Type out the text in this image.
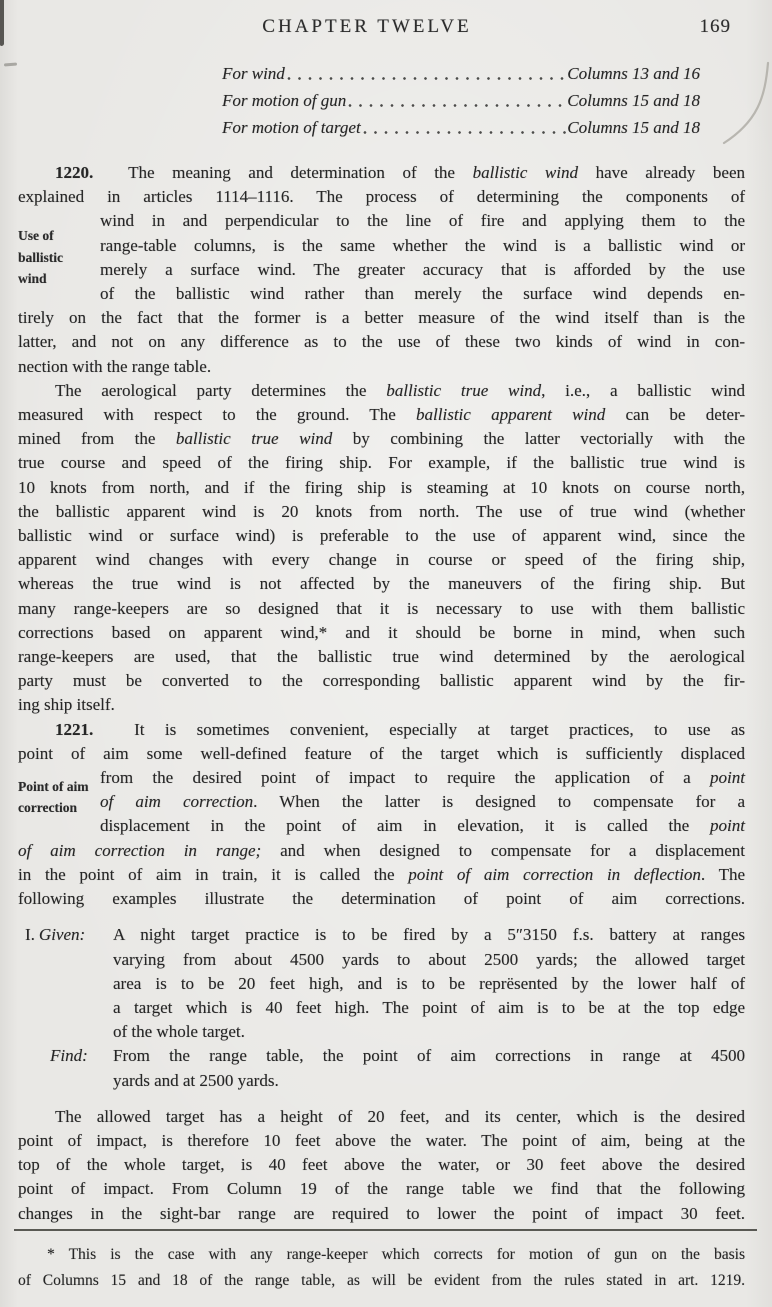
CHAPTER TWELVE	169
For wind	Columns 13 and 16
For motion of gun	Columns 15 and 18
For motion of target	Columns 15 and 18
Use of
ballistic
wind
1220.  The meaning and determination of the ballistic wind have already been
explained in articles 1114–1116. The process of determining the components of
wind in and perpendicular to the line of fire and applying them to the
range-table columns, is the same whether the wind is a ballistic wind or
merely a surface wind. The greater accuracy that is afforded by the use
of the ballistic wind rather than merely the surface wind depends en-
tirely on the fact that the former is a better measure of the wind itself than is the
latter, and not on any difference as to the use of these two kinds of wind in con-
nection with the range table.
The aerological party determines the ballistic true wind, i.e., a ballistic wind
measured with respect to the ground. The ballistic apparent wind can be deter-
mined from the ballistic true wind by combining the latter vectorially with the
true course and speed of the firing ship. For example, if the ballistic true wind is
10 knots from north, and if the firing ship is steaming at 10 knots on course north,
the ballistic apparent wind is 20 knots from north. The use of true wind (whether
ballistic wind or surface wind) is preferable to the use of apparent wind, since the
apparent wind changes with every change in course or speed of the firing ship,
whereas the true wind is not affected by the maneuvers of the firing ship. But
many range-keepers are so designed that it is necessary to use with them ballistic
corrections based on apparent wind,* and it should be borne in mind, when such
range-keepers are used, that the ballistic true wind determined by the aerological
party must be converted to the corresponding ballistic apparent wind by the fir-
ing ship itself.
Point of aim
correction
1221.  It is sometimes convenient, especially at target practices, to use as
point of aim some well-defined feature of the target which is sufficiently displaced
from the desired point of impact to require the application of a point
of aim correction. When the latter is designed to compensate for a
displacement in the point of aim in elevation, it is called the point
of aim correction in range; and when designed to compensate for a displacement
in the point of aim in train, it is called the point of aim correction in deflection. The
following examples illustrate the determination of point of aim corrections.
I. Given:	A night target practice is to be fired by a 5″3150 f.s. battery at ranges
varying from about 4500 yards to about 2500 yards; the allowed target
area is to be 20 feet high, and is to be reprësented by the lower half of
a target which is 40 feet high. The point of aim is to be at the top edge
of the whole target.
Find:	From the range table, the point of aim corrections in range at 4500
yards and at 2500 yards.
The allowed target has a height of 20 feet, and its center, which is the desired
point of impact, is therefore 10 feet above the water. The point of aim, being at the
top of the whole target, is 40 feet above the water, or 30 feet above the desired
point of impact. From Column 19 of the range table we find that the following
changes in the sight-bar range are required to lower the point of impact 30 feet.
* This is the case with any range-keeper which corrects for motion of gun on the basis
of Columns 15 and 18 of the range table, as will be evident from the rules stated in art. 1219.
